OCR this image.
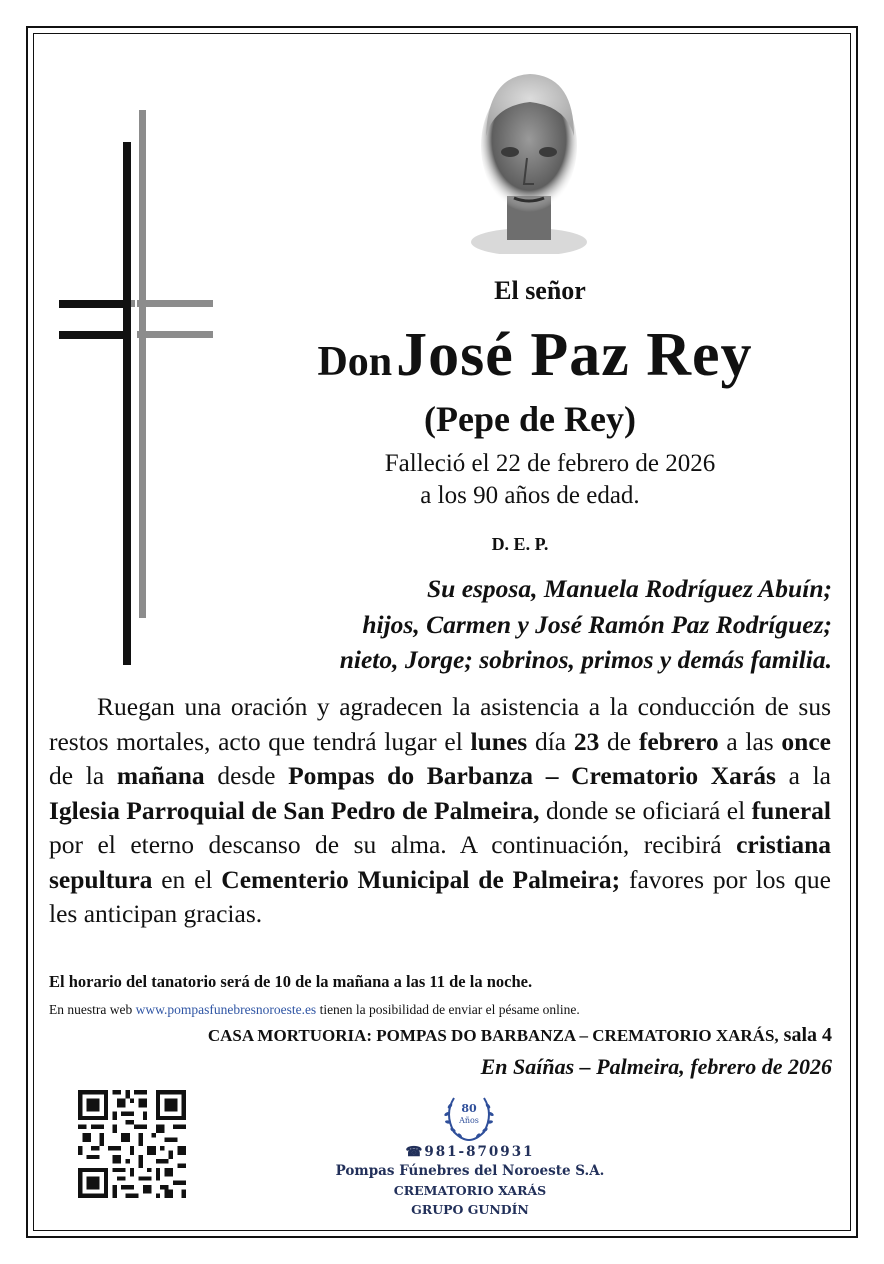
El señor
Don José Paz Rey
(Pepe de Rey)
Falleció el 22 de febrero de 2026
a los 90 años de edad.
D. E. P.
Su esposa, Manuela Rodríguez Abuín;
hijos, Carmen y José Ramón Paz Rodríguez;
nieto, Jorge; sobrinos, primos y demás familia.
Ruegan una oración y agradecen la asistencia a la conducción de sus restos mortales, acto que tendrá lugar el lunes día 23 de febrero a las once de la mañana desde Pompas do Barbanza – Crematorio Xarás a la Iglesia Parroquial de San Pedro de Palmeira, donde se oficiará el funeral por el eterno descanso de su alma. A continuación, recibirá cristiana sepultura en el Cementerio Municipal de Palmeira; favores por los que les anticipan gracias.
El horario del tanatorio será de 10 de la mañana a las 11 de la noche.
En nuestra web www.pompasfunebresnoroeste.es tienen la posibilidad de enviar el pésame online.
CASA MORTUORIA: POMPAS DO BARBANZA – CREMATORIO XARÁS, sala 4
En Saíñas – Palmeira, febrero de 2026
80
Años
☎981-870931
Pompas Fúnebres del Noroeste S.A.
CREMATORIO XARÁS
GRUPO GUNDÍN
